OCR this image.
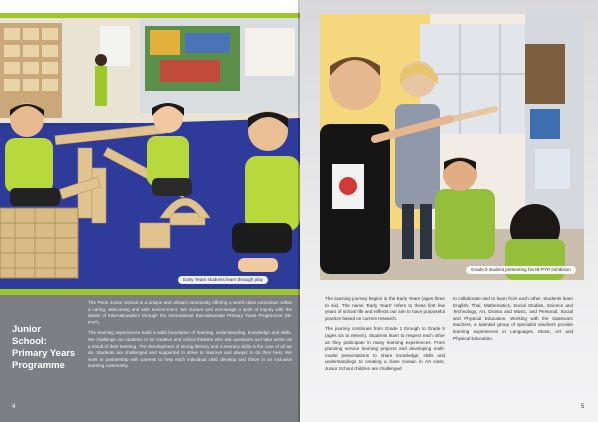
Early Years students learn through play
Junior School: Primary Years Programme

The Prem Junior School is a unique and vibrant community offering a world-class curriculum within a caring, welcoming and safe environment. We nurture and encourage a spirit of inquiry with the ideals of internationalism through the International Baccalaureate Primary Years Programme (IB-PYP).

The learning experiences build a solid foundation of learning, understanding, knowledge and skills. We challenge our students to be creative and critical thinkers who ask questions and take action as a result of their learning. The development of strong literacy and numeracy skills is the core of all we do. Students are challenged and supported to strive to improve and always to do their best. We work in partnership with parents to help each individual child develop and thrive in an inclusive learning community.

4
Grade 5 student presenting his IB-PYP exhibition

The learning journey begins in the Early Years (ages three to six). The name 'Early Years' refers to these first few years of school life and reflects our aim to have purposeful practice based on current research.

The journey continues from Grade 1 through to Grade 5 (ages six to eleven). Students learn to respect each other as they participate in many learning experiences. From planning service learning projects and developing multi-modal presentations to share knowledge, skills and understandings to creating a class mosaic in Art class, Junior School children are challenged

to collaborate and to learn from each other. Students learn English, Thai, Mathematics, Social Studies, Science and Technology, Art, Drama and Music, and Personal, Social and Physical Education. Working with the classroom teachers, a talented group of specialist teachers provide learning experiences in Languages, Music, Art and Physical Education.

5
